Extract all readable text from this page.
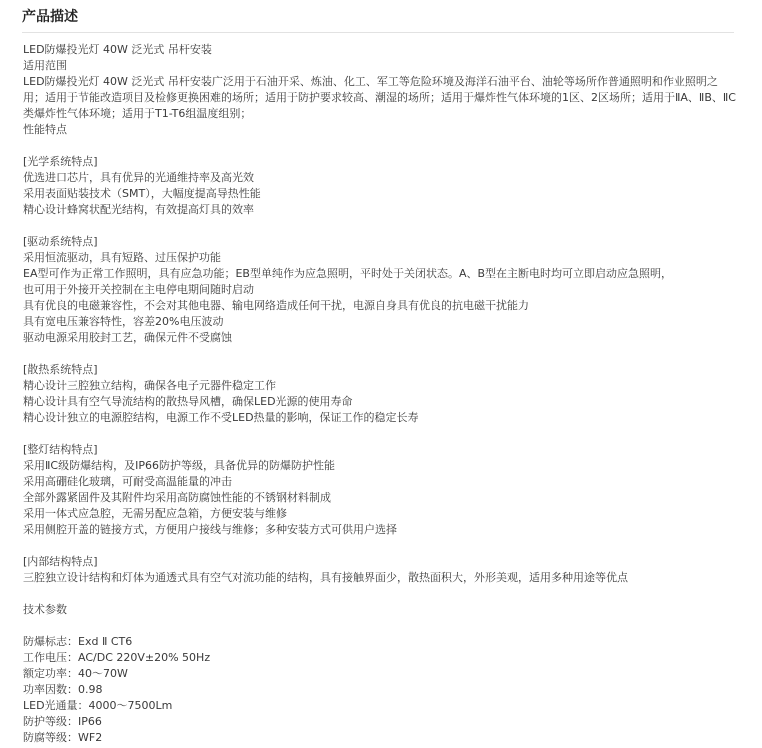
产品描述
LED防爆投光灯 40W 泛光式 吊杆安装
适用范围
LED防爆投光灯 40W 泛光式 吊杆安装广泛用于石油开采、炼油、化工、军工等危险环境及海洋石油平台、油轮等场所作普通照明和作业照明之用；适用于节能改造项目及检修更换困难的场所；适用于防护要求较高、潮湿的场所；适用于爆炸性气体环境的1区、2区场所；适用于ⅡA、ⅡB、ⅡC类爆炸性气体环境；适用于T1-T6组温度组别；
性能特点
[光学系统特点]
优选进口芯片，具有优异的光通维持率及高光效
采用表面贴装技术（SMT），大幅度提高导热性能
精心设计蜂窝状配光结构，有效提高灯具的效率
[驱动系统特点]
采用恒流驱动，具有短路、过压保护功能
EA型可作为正常工作照明，具有应急功能；EB型单纯作为应急照明，平时处于关闭状态。A、B型在主断电时均可立即启动应急照明，
也可用于外接开关控制在主电停电期间随时启动
具有优良的电磁兼容性，不会对其他电器、输电网络造成任何干扰，电源自身具有优良的抗电磁干扰能力
具有宽电压兼容特性，容差20%电压波动
驱动电源采用胶封工艺，确保元件不受腐蚀
[散热系统特点]
精心设计三腔独立结构，确保各电子元器件稳定工作
精心设计具有空气导流结构的散热导风槽，确保LED光源的使用寿命
精心设计独立的电源腔结构，电源工作不受LED热量的影响，保证工作的稳定长寿
[整灯结构特点]
采用ⅡC级防爆结构，及IP66防护等级，具备优异的防爆防护性能
采用高硼硅化玻璃，可耐受高温能量的冲击
全部外露紧固件及其附件均采用高防腐蚀性能的不锈钢材料制成
采用一体式应急腔，无需另配应急箱，方便安装与维修
采用侧腔开盖的链接方式，方便用户接线与维修；多种安装方式可供用户选择
[内部结构特点]
三腔独立设计结构和灯体为通透式具有空气对流功能的结构，具有接触界面少，散热面积大，外形美观，适用多种用途等优点
技术参数
防爆标志：Exd Ⅱ CT6
工作电压：AC/DC 220V±20% 50Hz
额定功率：40～70W
功率因数：0.98
LED光通量：4000～7500Lm
防护等级：IP66
防腐等级：WF2
